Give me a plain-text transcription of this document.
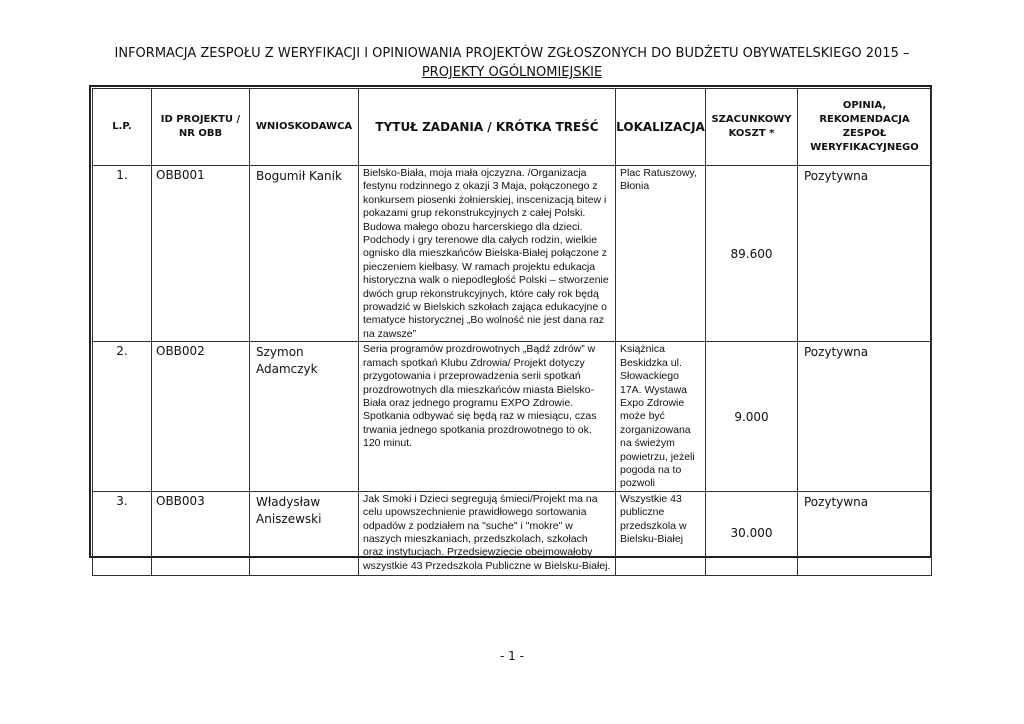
INFORMACJA ZESPOŁU Z WERYFIKACJI I OPINIOWANIA PROJEKTÓW ZGŁOSZONYCH DO BUDŻETU OBYWATELSKIEGO 2015 –
PROJEKTY OGÓLNOMIEJSKIE
L.P.	ID PROJEKTU / NR OBB	WNIOSKODAWCA	TYTUŁ ZADANIA / KRÓTKA TREŚĆ	LOKALIZACJA	SZACUNKOWY KOSZT *	OPINIA, REKOMENDACJA ZESPOŁ WERYFIKACYJNEGO
1.	OBB001	Bogumił Kanik	Bielsko-Biała, moja mała ojczyzna. /Organizacja festynu rodzinnego z okazji 3 Maja, połączonego z konkursem piosenki żołnierskiej, inscenizacją bitew i pokazami grup rekonstrukcyjnych z całej Polski. Budowa małego obozu harcerskiego dla dzieci. Podchody i gry terenowe dla całych rodzin, wielkie ognisko dla mieszkańców Bielska-Białej połączone z pieczeniem kiełbasy. W ramach projektu edukacja historyczna walk o niepodległość Polski – stworzenie dwóch grup rekonstrukcyjnych, które cały rok będą prowadzić w Bielskich szkołach zająca edukacyjne o tematyce historycznej „Bo wolność nie jest dana raz na zawsze”	Plac Ratuszowy, Błonia	89.600	Pozytywna
2.	OBB002	Szymon Adamczyk	Seria programów prozdrowotnych „Bądź zdrów” w ramach spotkań Klubu Zdrowia/ Projekt dotyczy przygotowania i przeprowadzenia serii spotkań prozdrowotnych dla mieszkańców miasta Bielsko-Biała oraz jednego programu EXPO Zdrowie. Spotkania odbywać się będą raz w miesiącu, czas trwania jednego spotkania prozdrowotnego to ok. 120 minut.	Książnica Beskidzka ul. Słowackiego 17A. Wystawa Expo Zdrowie może być zorganizowana na świeżym powietrzu, jeżeli pogoda na to pozwoli	9.000	Pozytywna
3.	OBB003	Władysław Aniszewski	Jak Smoki i Dzieci segregują śmieci/Projekt ma na celu upowszechnienie prawidłowego sortowania odpadów z podziałem na "suche" i "mokre" w naszych mieszkaniach, przedszkolach, szkołach oraz instytucjach. Przedsięwzięcie obejmowałoby wszystkie 43 Przedszkola Publiczne w Bielsku-Białej.	Wszystkie 43 publiczne przedszkola w Bielsku-Białej	30.000	Pozytywna
- 1 -
